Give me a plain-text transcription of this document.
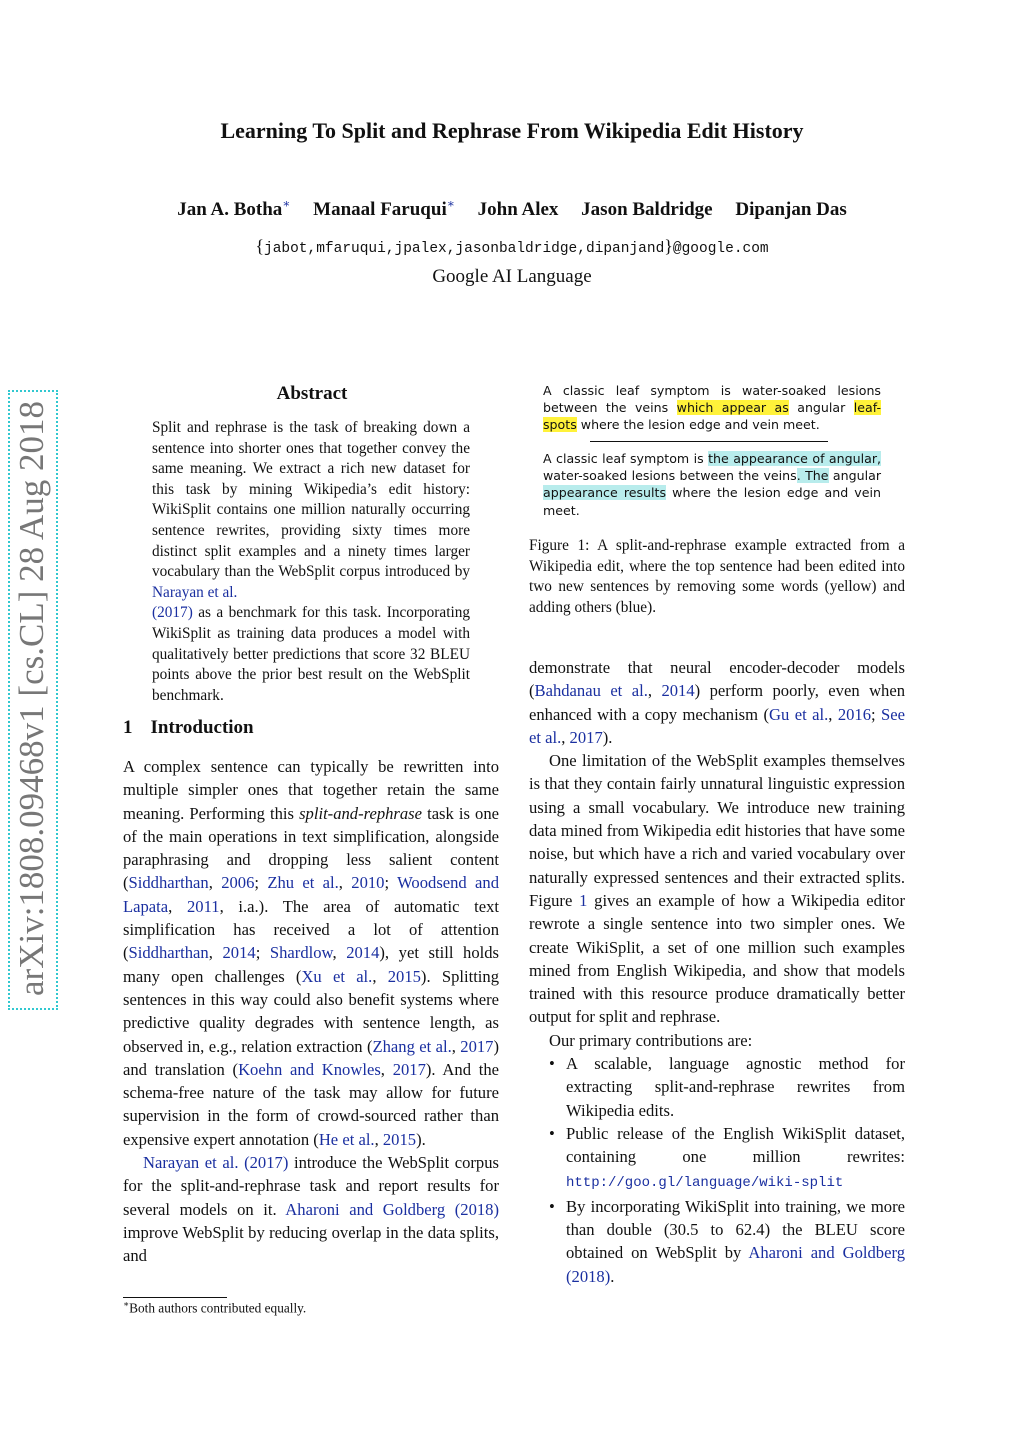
Learning To Split and Rephrase From Wikipedia Edit History
Jan A. Botha∗ Manaal Faruqui∗ John Alex Jason Baldridge Dipanjan Das
{jabot,mfaruqui,jpalex,jasonbaldridge,dipanjand}@google.com
Google AI Language
arXiv:1808.09468v1 [cs.CL] 28 Aug 2018
Abstract
Split and rephrase is the task of breaking down a sentence into shorter ones that together convey the same meaning. We extract a rich new dataset for this task by mining Wikipedia’s edit history: WikiSplit contains one million naturally occurring sentence rewrites, providing sixty times more distinct split examples and a ninety times larger vocabulary than the WebSplit corpus introduced by Narayan et al.
(2017) as a benchmark for this task. Incorporating WikiSplit as training data produces a model with qualitatively better predictions that score 32 BLEU points above the prior best result on the WebSplit benchmark.
1 Introduction

A complex sentence can typically be rewritten into multiple simpler ones that together retain the same meaning. Performing this split-and-rephrase task is one of the main operations in text simplification, alongside paraphrasing and dropping less salient content (Siddharthan, 2006; Zhu et al., 2010; Woodsend and Lapata, 2011, i.a.). The area of automatic text simplification has received a lot of attention (Siddharthan, 2014; Shardlow, 2014), yet still holds many open challenges (Xu et al., 2015). Splitting sentences in this way could also benefit systems where predictive quality degrades with sentence length, as observed in, e.g., relation extraction (Zhang et al., 2017) and translation (Koehn and Knowles, 2017). And the schema-free nature of the task may allow for future supervision in the form of crowd-sourced rather than expensive expert annotation (He et al., 2015).

Narayan et al. (2017) introduce the WebSplit corpus for the split-and-rephrase task and report results for several models on it. Aharoni and Goldberg (2018) improve WebSplit by reducing overlap in the data splits, and

∗Both authors contributed equally.
A classic leaf symptom is water-soaked lesions between the veins which appear as angular leaf-spots where the lesion edge and vein meet.
A classic leaf symptom is the appearance of angular, water-soaked lesions between the veins. The angular appearance results where the lesion edge and vein meet.
Figure 1: A split-and-rephrase example extracted from a Wikipedia edit, where the top sentence had been edited into two new sentences by removing some words (yellow) and adding others (blue).

demonstrate that neural encoder-decoder models (Bahdanau et al., 2014) perform poorly, even when enhanced with a copy mechanism (Gu et al., 2016; See et al., 2017).

One limitation of the WebSplit examples themselves is that they contain fairly unnatural linguistic expression using a small vocabulary. We introduce new training data mined from Wikipedia edit histories that have some noise, but which have a rich and varied vocabulary over naturally expressed sentences and their extracted splits. Figure 1 gives an example of how a Wikipedia editor rewrote a single sentence into two simpler ones. We create WikiSplit, a set of one million such examples mined from English Wikipedia, and show that models trained with this resource produce dramatically better output for split and rephrase.

Our primary contributions are:

• A scalable, language agnostic method for extracting split-and-rephrase rewrites from Wikipedia edits.
• Public release of the English WikiSplit dataset, containing one million rewrites: http://goo.gl/language/wiki-split
• By incorporating WikiSplit into training, we more than double (30.5 to 62.4) the BLEU score obtained on WebSplit by Aharoni and Goldberg (2018).
